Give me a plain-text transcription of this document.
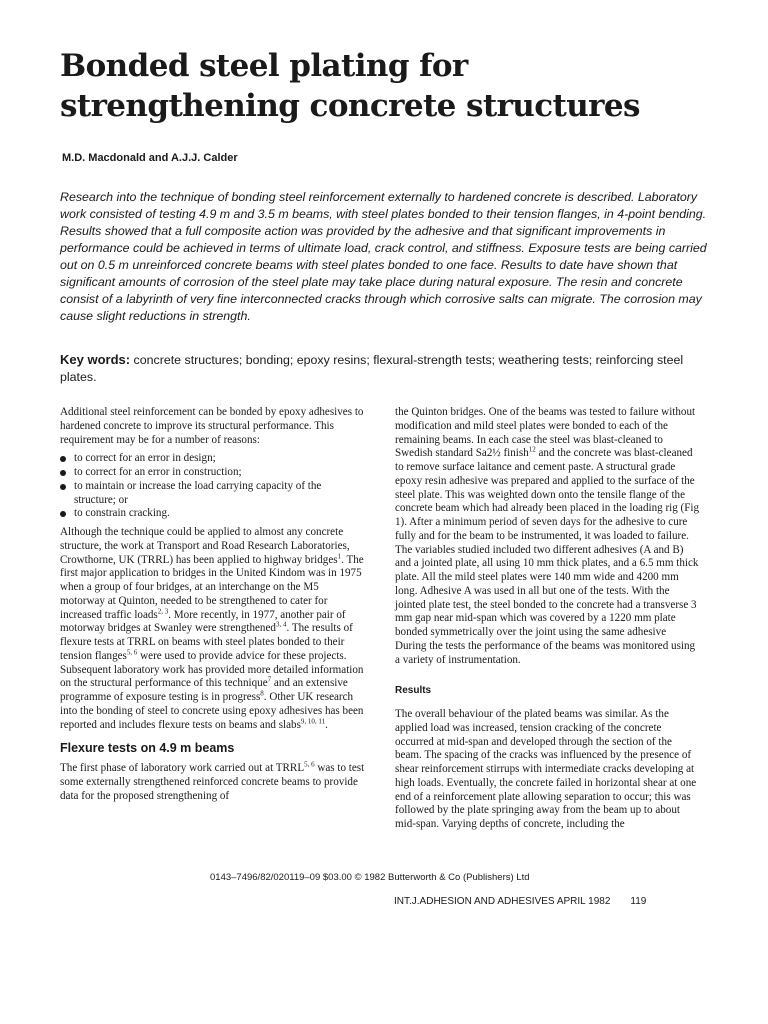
Bonded steel plating for strengthening concrete structures
M.D. Macdonald and A.J.J. Calder

Research into the technique of bonding steel reinforcement externally to hardened concrete is described. Laboratory work consisted of testing 4.9 m and 3.5 m beams, with steel plates bonded to their tension flanges, in 4-point bending. Results showed that a full composite action was provided by the adhesive and that significant improvements in performance could be achieved in terms of ultimate load, crack control, and stiffness. Exposure tests are being carried out on 0.5 m unreinforced concrete beams with steel plates bonded to one face. Results to date have shown that significant amounts of corrosion of the steel plate may take place during natural exposure. The resin and concrete consist of a labyrinth of very fine interconnected cracks through which corrosive salts can migrate. The corrosion may cause slight reductions in strength.

Key words: concrete structures; bonding; epoxy resins; flexural-strength tests; weathering tests; reinforcing steel plates.

Additional steel reinforcement can be bonded by epoxy adhesives to hardened concrete to improve its structural performance. This requirement may be for a number of reasons:

to correct for an error in design;
to correct for an error in construction;
to maintain or increase the load carrying capacity of the structure; or
to constrain cracking.

Although the technique could be applied to almost any concrete structure, the work at Transport and Road Research Laboratories, Crowthorne, UK (TRRL) has been applied to highway bridges$^1$. The first major application to bridges in the United Kindom was in 1975 when a group of four bridges, at an interchange on the M5 motorway at Quinton, needed to be strengthened to cater for increased traffic loads$^{2, 3}$. More recently, in 1977, another pair of motorway bridges at Swanley were strengthened$^{3, 4}$. The results of flexure tests at TRRL on beams with steel plates bonded to their tension flanges$^{5, 6}$ were used to provide advice for these projects. Subsequent laboratory work has provided more detailed information on the structural performance of this technique$^7$ and an extensive programme of exposure testing is in progress$^8$. Other UK research into the bonding of steel to concrete using epoxy adhesives has been reported and includes flexure tests on beams and slabs$^{9, 10, 11}$.

Flexure tests on 4.9 m beams

The first phase of laboratory work carried out at TRRL$^{5, 6}$ was to test some externally strengthened reinforced concrete beams to provide data for the proposed strengthening of

the Quinton bridges. One of the beams was tested to failure without modification and mild steel plates were bonded to each of the remaining beams. In each case the steel was blast-cleaned to Swedish standard Sa2½ finish$^{12}$ and the concrete was blast-cleaned to remove surface laitance and cement paste. A structural grade epoxy resin adhesive was prepared and applied to the surface of the steel plate. This was weighted down onto the tensile flange of the concrete beam which had already been placed in the loading rig (Fig 1). After a minimum period of seven days for the adhesive to cure fully and for the beam to be instrumented, it was loaded to failure. The variables studied included two different adhesives (A and B) and a jointed plate, all using 10 mm thick plates, and a 6.5 mm thick plate. All the mild steel plates were 140 mm wide and 4200 mm long. Adhesive A was used in all but one of the tests. With the jointed plate test, the steel bonded to the concrete had a transverse 3 mm gap near mid-span which was covered by a 1220 mm plate bonded symmetrically over the joint using the same adhesive During the tests the performance of the beams was monitored using a variety of instrumentation.

Results

The overall behaviour of the plated beams was similar. As the applied load was increased, tension cracking of the concrete occurred at mid-span and developed through the section of the beam. The spacing of the cracks was influenced by the presence of shear reinforcement stirrups with intermediate cracks developing at high loads. Eventually, the concrete failed in horizontal shear at one end of a reinforcement plate allowing separation to occur; this was followed by the plate springing away from the beam up to about mid-span. Varying depths of concrete, including the

0143–7496/82/020119–09 $03.00 © 1982 Butterworth & Co (Publishers) Ltd
INT.J.ADHESION AND ADHESIVES APRIL 1982 119
